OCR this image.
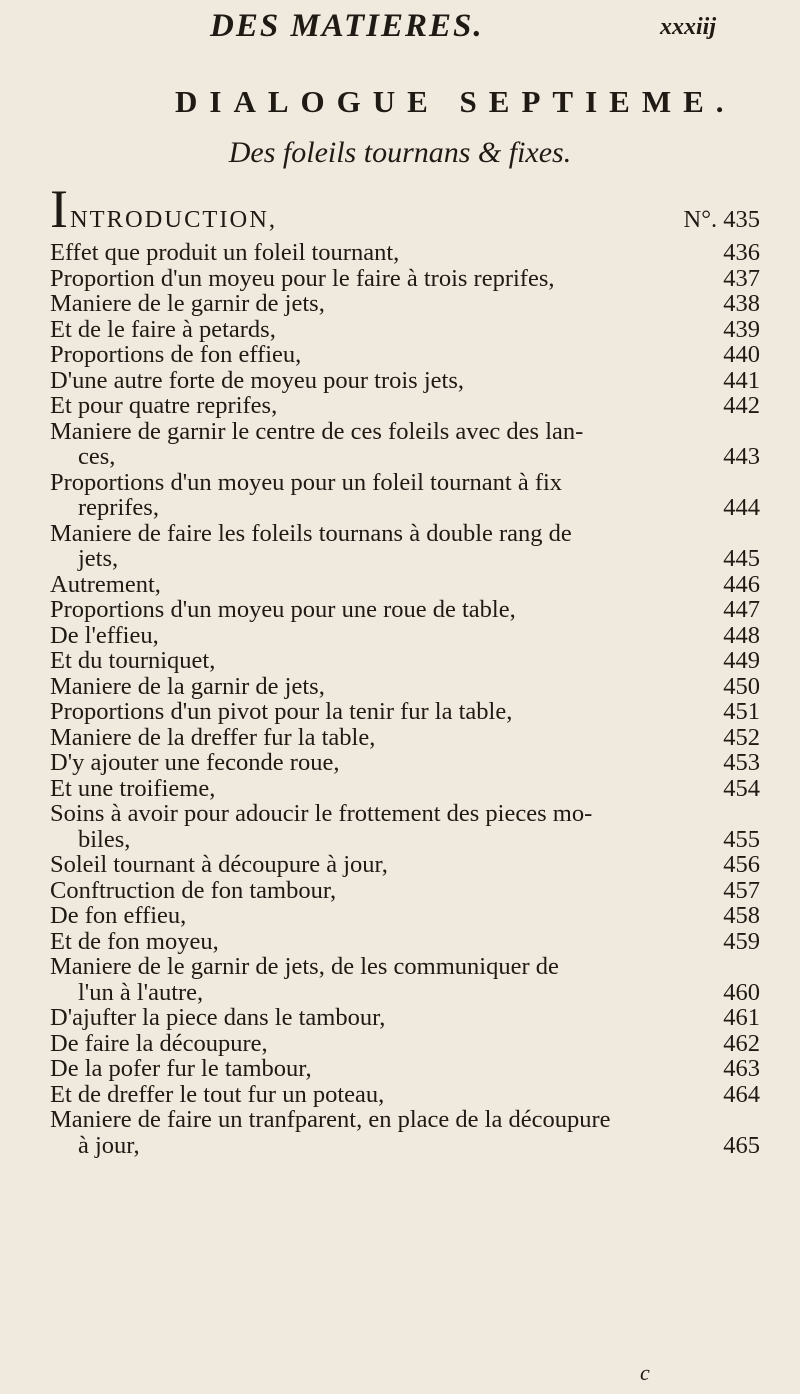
DES MATIERES.	xxxiij
DIALOGUE SEPTIEME.
Des foleils tournans & fixes.
INTRODUCTION,	N°. 435
Effet que produit un foleil tournant,	436
Proportion d'un moyeu pour le faire à trois reprifes,	437
Maniere de le garnir de jets,	438
Et de le faire à petards,	439
Proportions de fon effieu,	440
D'une autre forte de moyeu pour trois jets,	441
Et pour quatre reprifes,	442
Maniere de garnir le centre de ces foleils avec des lan-
ces,	443
Proportions d'un moyeu pour un foleil tournant à fix
reprifes,	444
Maniere de faire les foleils tournans à double rang de
jets,	445
Autrement,	446
Proportions d'un moyeu pour une roue de table,	447
De l'effieu,	448
Et du tourniquet,	449
Maniere de la garnir de jets,	450
Proportions d'un pivot pour la tenir fur la table,	451
Maniere de la dreffer fur la table,	452
D'y ajouter une feconde roue,	453
Et une troifieme,	454
Soins à avoir pour adoucir le frottement des pieces mo-
biles,	455
Soleil tournant à découpure à jour,	456
Conftruction de fon tambour,	457
De fon effieu,	458
Et de fon moyeu,	459
Maniere de le garnir de jets, de les communiquer de
l'un à l'autre,	460
D'ajufter la piece dans le tambour,	461
De faire la découpure,	462
De la pofer fur le tambour,	463
Et de dreffer le tout fur un poteau,	464
Maniere de faire un tranfparent, en place de la découpure
à jour,	465
c
